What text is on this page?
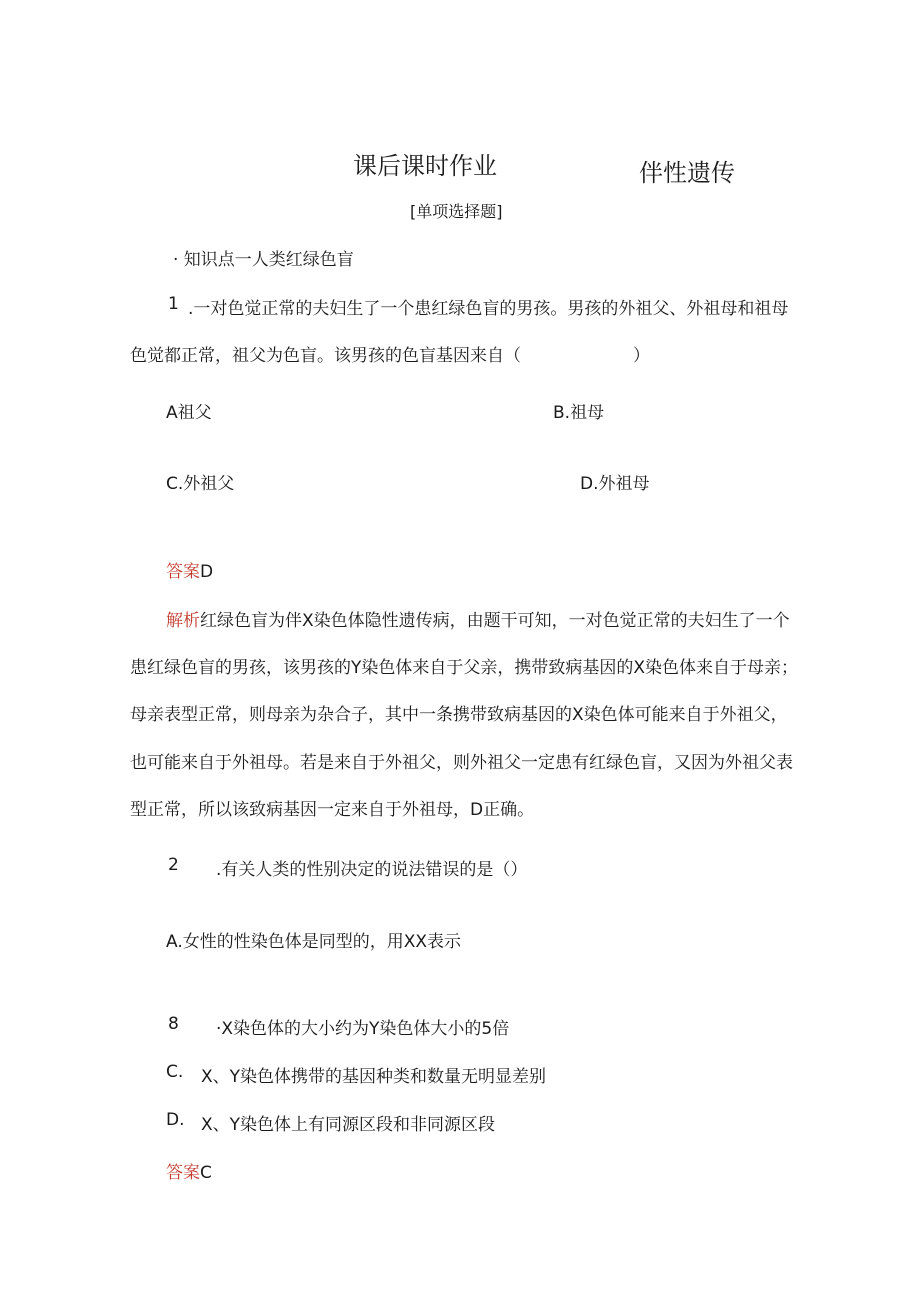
课后课时作业	伴性遗传
[单项选择题]
· 知识点一人类红绿色盲
1 .一对色觉正常的夫妇生了一个患红绿色盲的男孩。男孩的外祖父、外祖母和祖母
色觉都正常，祖父为色盲。该男孩的色盲基因来自（	）
A祖父	B.祖母
C.外祖父	D.外祖母
答案D
解析红绿色盲为伴X染色体隐性遗传病，由题干可知，一对色觉正常的夫妇生了一个
患红绿色盲的男孩，该男孩的Y染色体来自于父亲，携带致病基因的X染色体来自于母亲；
母亲表型正常，则母亲为杂合子，其中一条携带致病基因的X染色体可能来自于外祖父，
也可能来自于外祖母。若是来自于外祖父，则外祖父一定患有红绿色盲，又因为外祖父表
型正常，所以该致病基因一定来自于外祖母，D正确。
2 .有关人类的性别决定的说法错误的是（）
A.女性的性染色体是同型的，用XX表示
8 ·X染色体的大小约为Y染色体大小的5倍
C. X、Y染色体携带的基因种类和数量无明显差别
D. X、Y染色体上有同源区段和非同源区段
答案C
